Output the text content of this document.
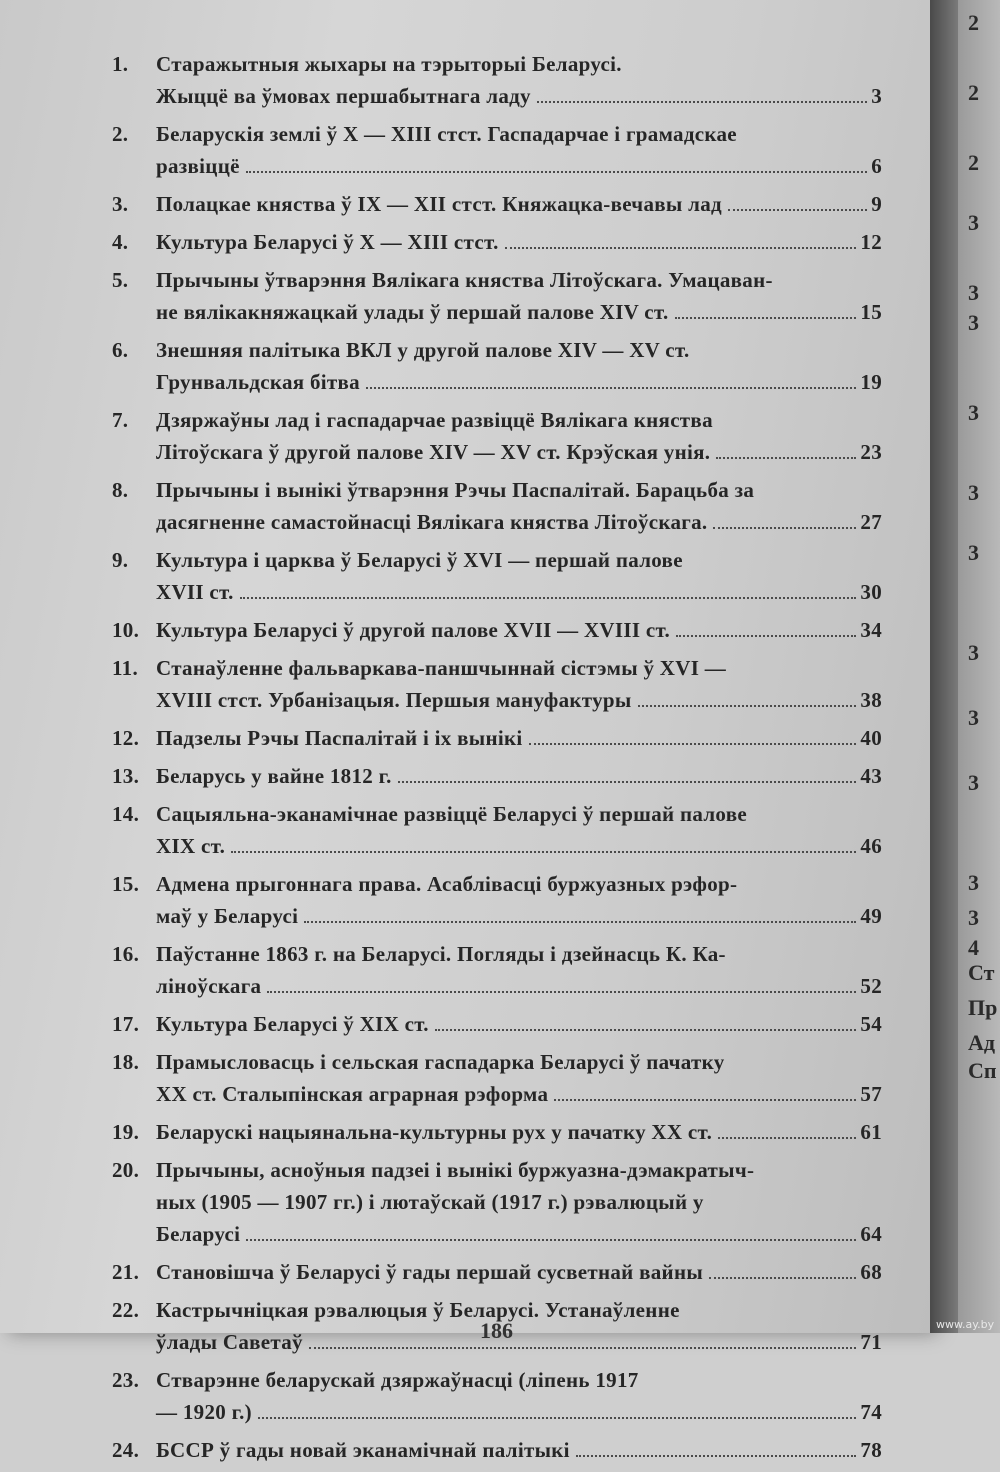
2
2
2
3
3
3
3
3
3
3
3
3
3
3
4
Ст
Пр
Ад
Сп
1.	Старажытныя жыхары на тэрыторыі Беларусі.
Жыццё ва ўмовах першабытнага ладу	3
2.	Беларускія землі ў X — XIII стст. Гаспадарчае і грамадскае
развіццё	6
3.	Полацкае княства ў IX — XII стст. Княжацка-вечавы лад	9
4.	Культура Беларусі ў X — XIII стст.	12
5.	Прычыны ўтварэння Вялікага княства Літоўскага. Умацаван-
не вялікакняжацкай улады ў першай палове XIV ст.	15
6.	Знешняя палітыка ВКЛ у другой палове XIV — XV ст.
Грунвальдская бітва	19
7.	Дзяржаўны лад і гаспадарчае развіццё Вялікага княства
Літоўскага ў другой палове XIV — XV ст. Крэўская унія.	23
8.	Прычыны і вынікі ўтварэння Рэчы Паспалітай. Барацьба за
дасягненне самастойнасці Вялікага княства Літоўскага.	27
9.	Культура і царква ў Беларусі ў XVI — першай палове
XVII ст.	30
10. Культура Беларусі ў другой палове XVII — XVIII ст.	34
11. Станаўленне фальваркава-паншчыннай сістэмы ў XVI —
XVIII стст. Урбанізацыя. Першыя мануфактуры	38
12. Падзелы Рэчы Паспалітай і іх вынікі	40
13. Беларусь у вайне 1812 г.	43
14. Сацыяльна-эканамічнае развіццё Беларусі ў першай палове
XIX ст.	46
15. Адмена прыгоннага права. Асаблівасці буржуазных рэфор-
маў у Беларусі	49
16. Паўстанне 1863 г. на Беларусі. Погляды і дзейнасць К. Ка-
ліноўскага	52
17. Культура Беларусі ў XIX ст.	54
18. Прамысловасць і сельская гаспадарка Беларусі ў пачатку
XX ст. Сталыпінская аграрная рэформа	57
19. Беларускі нацыянальна-культурны рух у пачатку XX ст.	61
20. Прычыны, асноўныя падзеі і вынікі буржуазна-дэмакратыч-
ных (1905 — 1907 гг.) і лютаўскай (1917 г.) рэвалюцый у
Беларусі	64
21. Становішча ў Беларусі ў гады першай сусветнай вайны	68
22. Кастрычніцкая рэвалюцыя ў Беларусі. Устанаўленне
ўлады Саветаў	71
23. Стварэнне беларускай дзяржаўнасці (ліпень 1917
— 1920 г.)	74
24. БССР ў гады новай эканамічнай палітыкі	78
186	www.ay.by
